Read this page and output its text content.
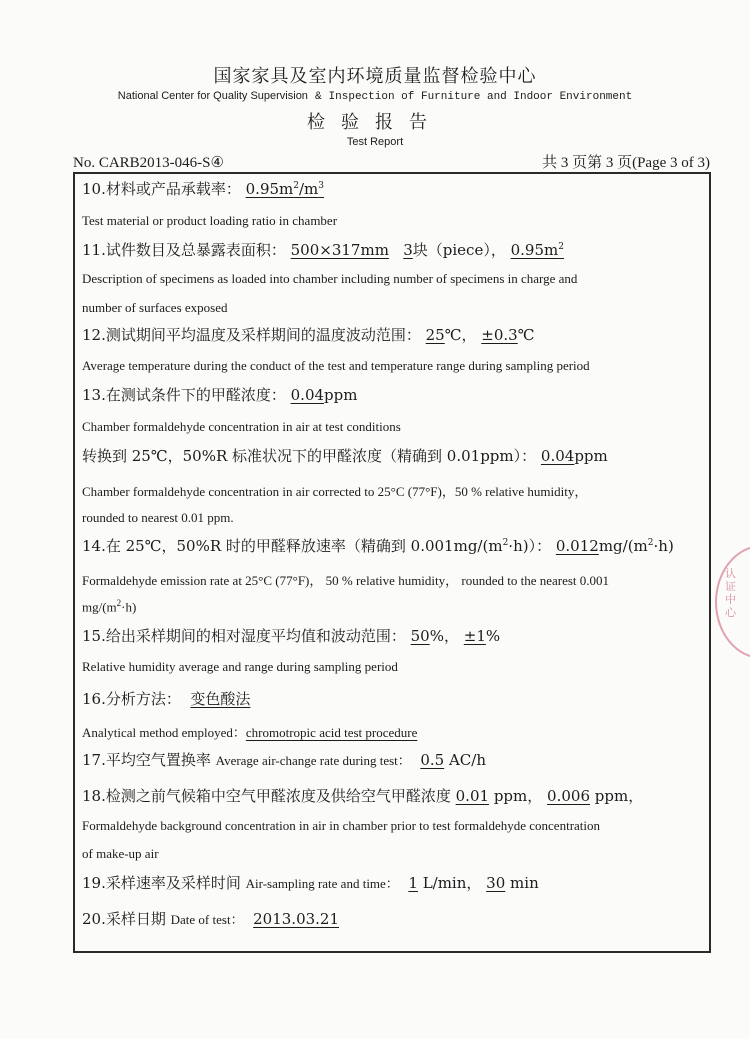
国家家具及室内环境质量监督检验中心
National Center for Quality Supervision & Inspection of Furniture and Indoor Environment
检验报告
Test Report
No. CARB2013-046-S④	共 3 页第 3 页(Page 3 of 3)
10.材料或产品承载率： $0.95m^2/m^3$
Test material or product loading ratio in chamber
11.试件数目及总暴露表面积： 500×317mm 3块（piece）， $0.95m^2$
Description of specimens as loaded into chamber including number of specimens in charge and
number of surfaces exposed
12.测试期间平均温度及采样期间的温度波动范围： 25℃， ±0.3℃
Average temperature during the conduct of the test and temperature range during sampling period
13.在测试条件下的甲醛浓度： 0.04ppm
Chamber formaldehyde concentration in air at test conditions
转换到 25℃，50%R 标准状况下的甲醛浓度（精确到 0.01ppm）： 0.04ppm
Chamber formaldehyde concentration in air corrected to 25°C (77°F)，50 % relative humidity，
rounded to nearest 0.01 ppm.
14.在 25℃，50%R 时的甲醛释放速率（精确到 $0.001mg/(m^2\cdot h)$）： $0.012mg/(m^2\cdot h)$
Formaldehyde emission rate at 25°C (77°F)， 50 % relative humidity， rounded to the nearest 0.001
$mg/(m^2\cdot h)$
15.给出采样期间的相对湿度平均值和波动范围： 50%， ±1%
Relative humidity average and range during sampling period
16.分析方法： 变色酸法
Analytical method employed：chromotropic acid test procedure
17.平均空气置换率 Average air-change rate during test： 0.5 AC/h
18.检测之前气候箱中空气甲醛浓度及供给空气甲醛浓度 0.01 ppm， 0.006 ppm，
Formaldehyde background concentration in air in chamber prior to test formaldehyde concentration
of make-up air
19.采样速率及采样时间 Air-sampling rate and time： 1 L/min， 30 min
20.采样日期 Date of test： 2013.03.21
认证中心
